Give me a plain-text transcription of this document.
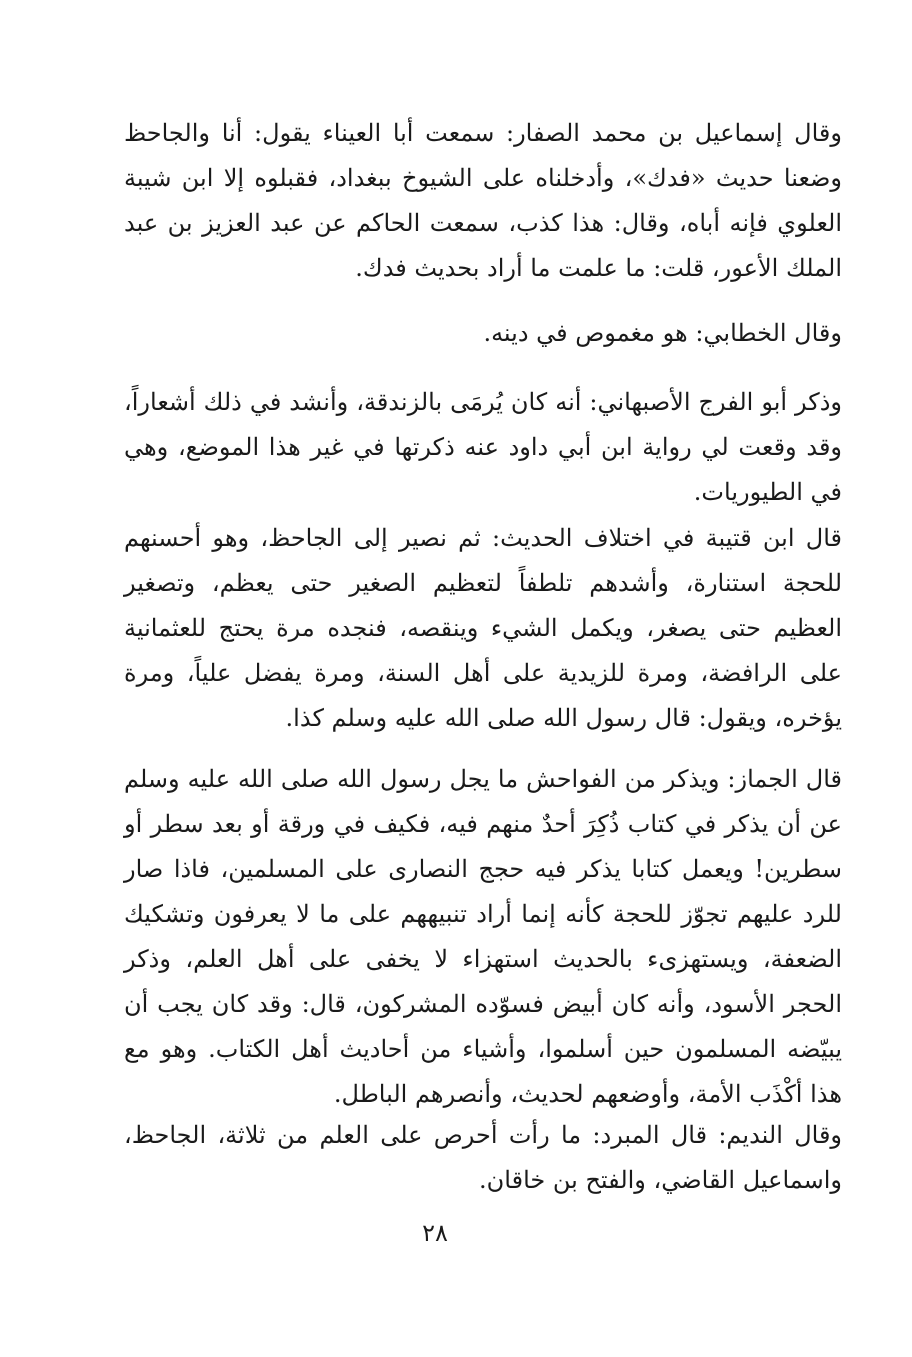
وقال إسماعيل بن محمد الصفار: سمعت أبا العيناء يقول: أنا والجاحظ وضعنا حديث «فدك»، وأدخلناه على الشيوخ ببغداد، فقبلوه إلا ابن شيبة العلوي فإنه أباه، وقال: هذا كذب، سمعت الحاكم عن عبد العزيز بن عبد الملك الأعور، قلت: ما علمت ما أراد بحديث فدك.

وقال الخطابي: هو مغموص في دينه.

وذكر أبو الفرج الأصبهاني: أنه كان يُرمَى بالزندقة، وأنشد في ذلك أشعاراً، وقد وقعت لي رواية ابن أبي داود عنه ذكرتها في غير هذا الموضع، وهي في الطيوريات.

قال ابن قتيبة في اختلاف الحديث: ثم نصير إلى الجاحظ، وهو أحسنهم للحجة استنارة، وأشدهم تلطفاً لتعظيم الصغير حتى يعظم، وتصغير العظيم حتى يصغر، ويكمل الشيء وينقصه، فنجده مرة يحتج للعثمانية على الرافضة، ومرة للزيدية على أهل السنة، ومرة يفضل علياً، ومرة يؤخره، ويقول: قال رسول الله صلى الله عليه وسلم كذا.

قال الجماز: ويذكر من الفواحش ما يجل رسول الله صلى الله عليه وسلم عن أن يذكر في كتاب ذُكِرَ أحدٌ منهم فيه، فكيف في ورقة أو بعد سطر أو سطرين! ويعمل كتابا يذكر فيه حجج النصارى على المسلمين، فاذا صار للرد عليهم تجوّز للحجة كأنه إنما أراد تنبيههم على ما لا يعرفون وتشكيك الضعفة، ويستهزىء بالحديث استهزاء لا يخفى على أهل العلم، وذكر الحجر الأسود، وأنه كان أبيض فسوّده المشركون، قال: وقد كان يجب أن يبيّضه المسلمون حين أسلموا، وأشياء من أحاديث أهل الكتاب. وهو مع هذا أكْذَب الأمة، وأوضعهم لحديث، وأنصرهم الباطل.

وقال النديم: قال المبرد: ما رأت أحرص على العلم من ثلاثة، الجاحظ، واسماعيل القاضي، والفتح بن خاقان.

٢٨
